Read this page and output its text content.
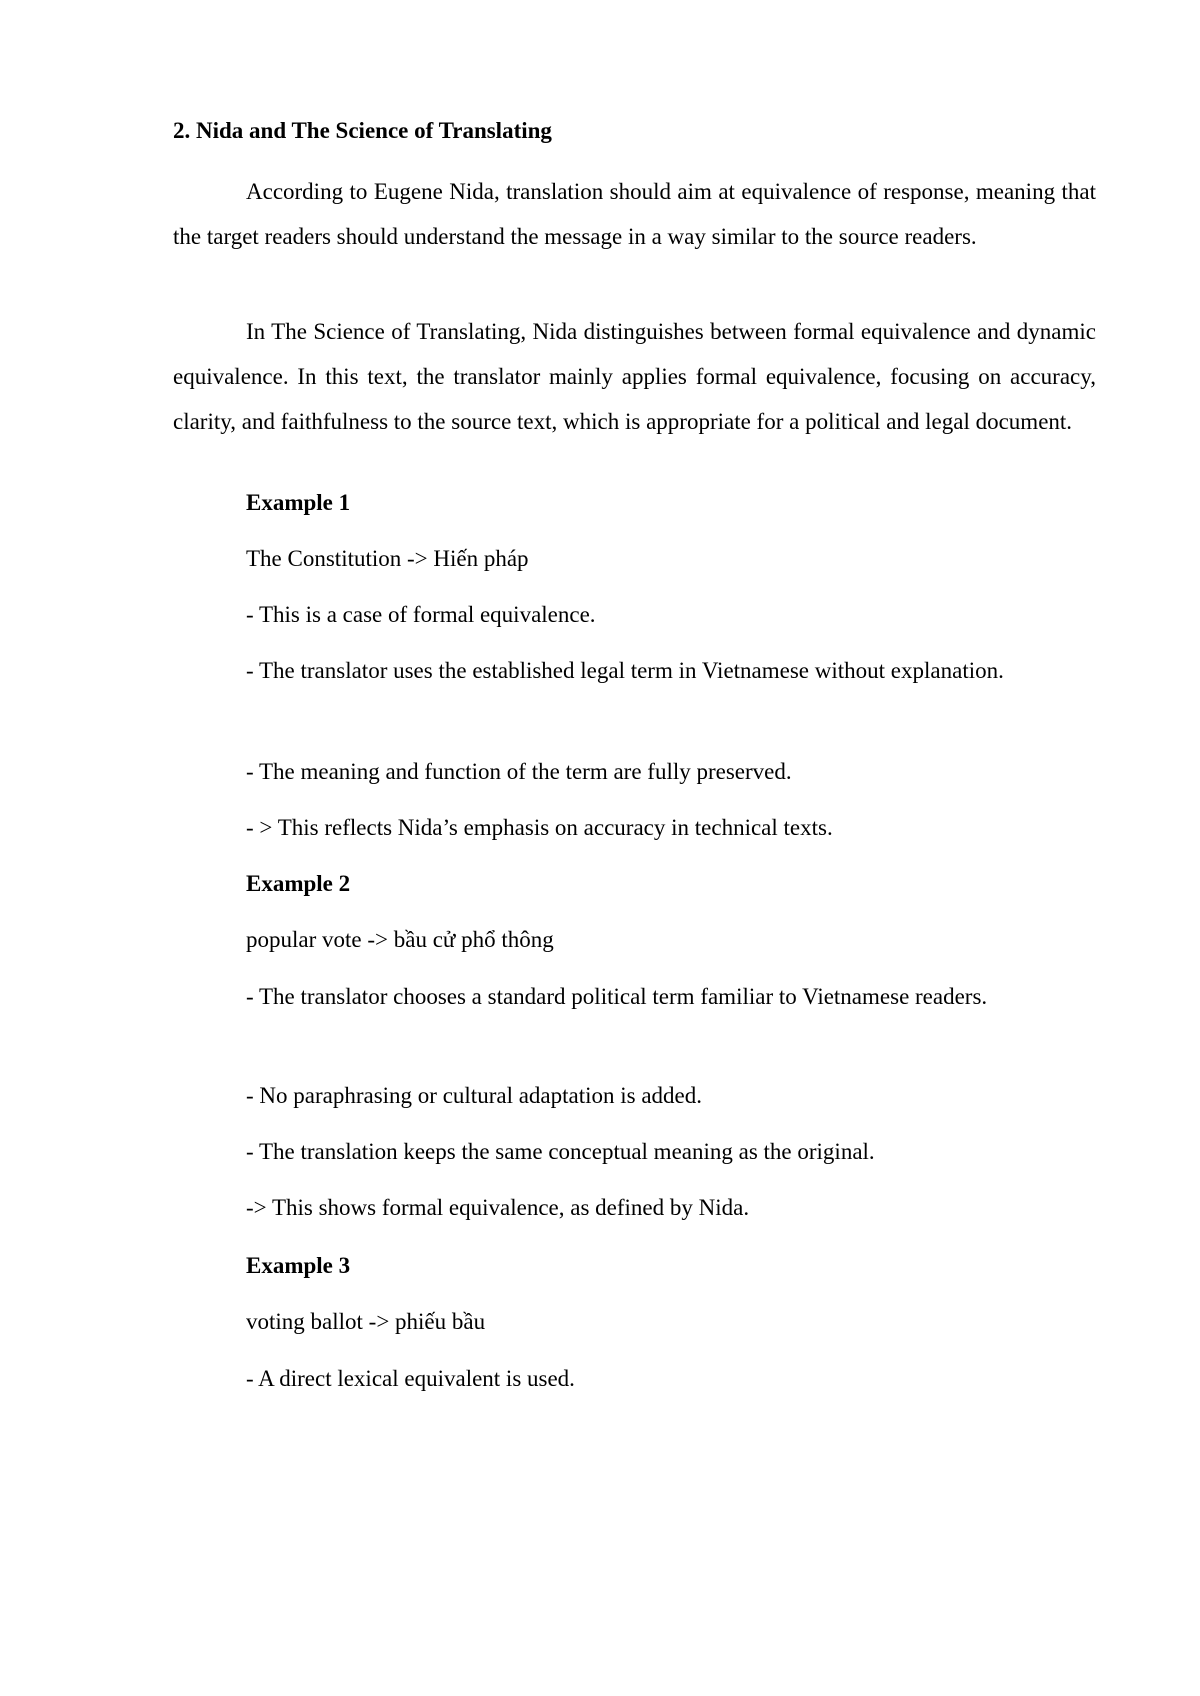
2. Nida and The Science of Translating
According to Eugene Nida, translation should aim at equivalence of response, meaning that the target readers should understand the message in a way similar to the source readers.
In The Science of Translating, Nida distinguishes between formal equivalence and dynamic equivalence. In this text, the translator mainly applies formal equivalence, focusing on accuracy, clarity, and faithfulness to the source text, which is appropriate for a political and legal document.
Example 1
The Constitution -> Hiến pháp
- This is a case of formal equivalence.
- The translator uses the established legal term in Vietnamese without explanation.
- The meaning and function of the term are fully preserved.
- > This reflects Nida’s emphasis on accuracy in technical texts.
Example 2
popular vote -> bầu cử phổ thông
- The translator chooses a standard political term familiar to Vietnamese readers.
- No paraphrasing or cultural adaptation is added.
- The translation keeps the same conceptual meaning as the original.
-> This shows formal equivalence, as defined by Nida.
Example 3
voting ballot -> phiếu bầu
- A direct lexical equivalent is used.
